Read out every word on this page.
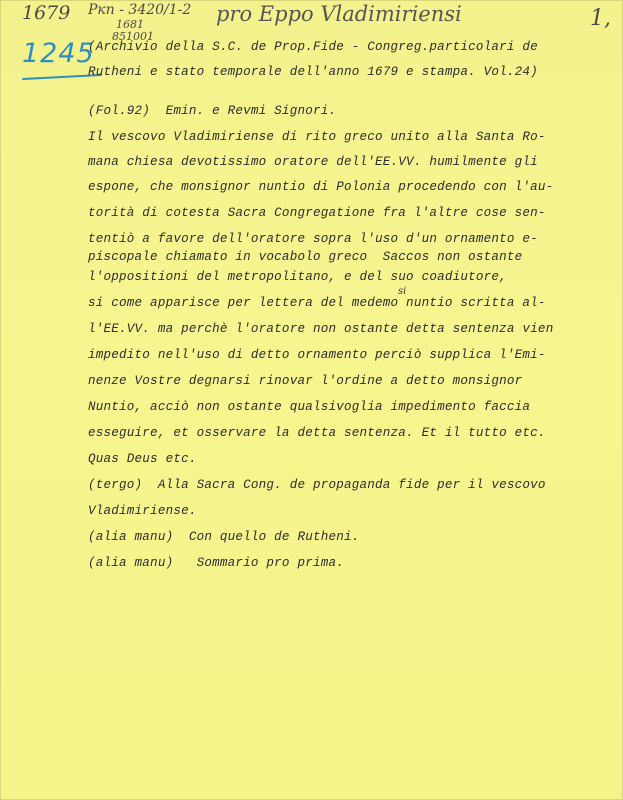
1679 Ркп - 3420/1-2
1681
851001
pro Eppo Vladimiriensi	1,
1245
(Archivio della S.C. de Prop.Fide - Congreg.particolari de
Rutheni e stato temporale dell'anno 1679 e stampa. Vol.24)
(Fol.92)  Emin. e Revmi Signori.
Il vescovo Vladimiriense di rito greco unito alla Santa Ro-
mana chiesa devotissimo oratore dell'EE.VV. humilmente gli
espone, che monsignor nuntio di Polonia procedendo con l'au-
torità di cotesta Sacra Congregatione fra l'altre cose sen-
tentiò a favore dell'oratore sopra l'uso d'un ornamento e-
piscopale chiamato in vocabolo greco  Saccos non ostante
l'oppositioni del metropolitano, e del suo coadiutore,
si
si come apparisce per lettera del medemo nuntio scritta al-
l'EE.VV. ma perchè l'oratore non ostante detta sentenza vien
impedito nell'uso di detto ornamento perciò supplica l'Emi-
nenze Vostre degnarsi rinovar l'ordine a detto monsignor
Nuntio, acciò non ostante qualsivoglia impedimento faccia
esseguire, et osservare la detta sentenza. Et il tutto etc.
Quas Deus etc.
(tergo)  Alla Sacra Cong. de propaganda fide per il vescovo
Vladimiriense.
(alia manu)  Con quello de Rutheni.
(alia manu)   Sommario pro prima.
